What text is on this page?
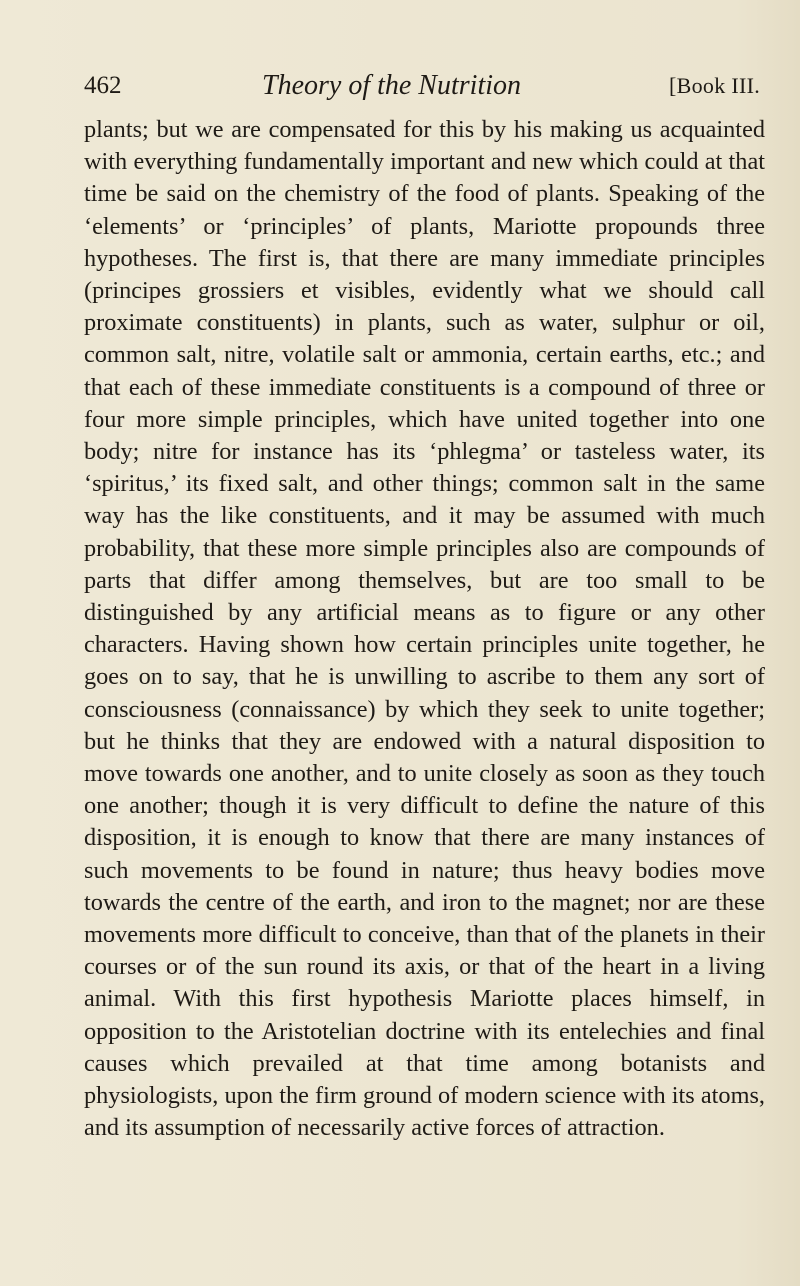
462	Theory of the Nutrition	[Book III.

plants; but we are compensated for this by his making us acquainted with everything fundamentally important and new which could at that time be said on the chemistry of the food of plants. Speaking of the ‘elements’ or ‘principles’ of plants, Mariotte propounds three hypotheses. The first is, that there are many immediate principles (principes grossiers et visibles, evidently what we should call proximate constituents) in plants, such as water, sulphur or oil, common salt, nitre, volatile salt or ammonia, certain earths, etc.; and that each of these immediate constituents is a compound of three or four more simple principles, which have united together into one body; nitre for instance has its ‘phlegma’ or tasteless water, its ‘spiritus,’ its fixed salt, and other things; common salt in the same way has the like constituents, and it may be assumed with much probability, that these more simple principles also are compounds of parts that differ among themselves, but are too small to be distinguished by any artificial means as to figure or any other characters. Having shown how certain principles unite together, he goes on to say, that he is unwilling to ascribe to them any sort of consciousness (connaissance) by which they seek to unite together; but he thinks that they are endowed with a natural disposition to move towards one another, and to unite closely as soon as they touch one another; though it is very difficult to define the nature of this disposition, it is enough to know that there are many instances of such movements to be found in nature; thus heavy bodies move towards the centre of the earth, and iron to the magnet; nor are these movements more difficult to conceive, than that of the planets in their courses or of the sun round its axis, or that of the heart in a living animal. With this first hypothesis Mariotte places himself, in opposition to the Aristotelian doctrine with its entelechies and final causes which prevailed at that time among botanists and physiologists, upon the firm ground of modern science with its atoms, and its assumption of necessarily active forces of attraction.
